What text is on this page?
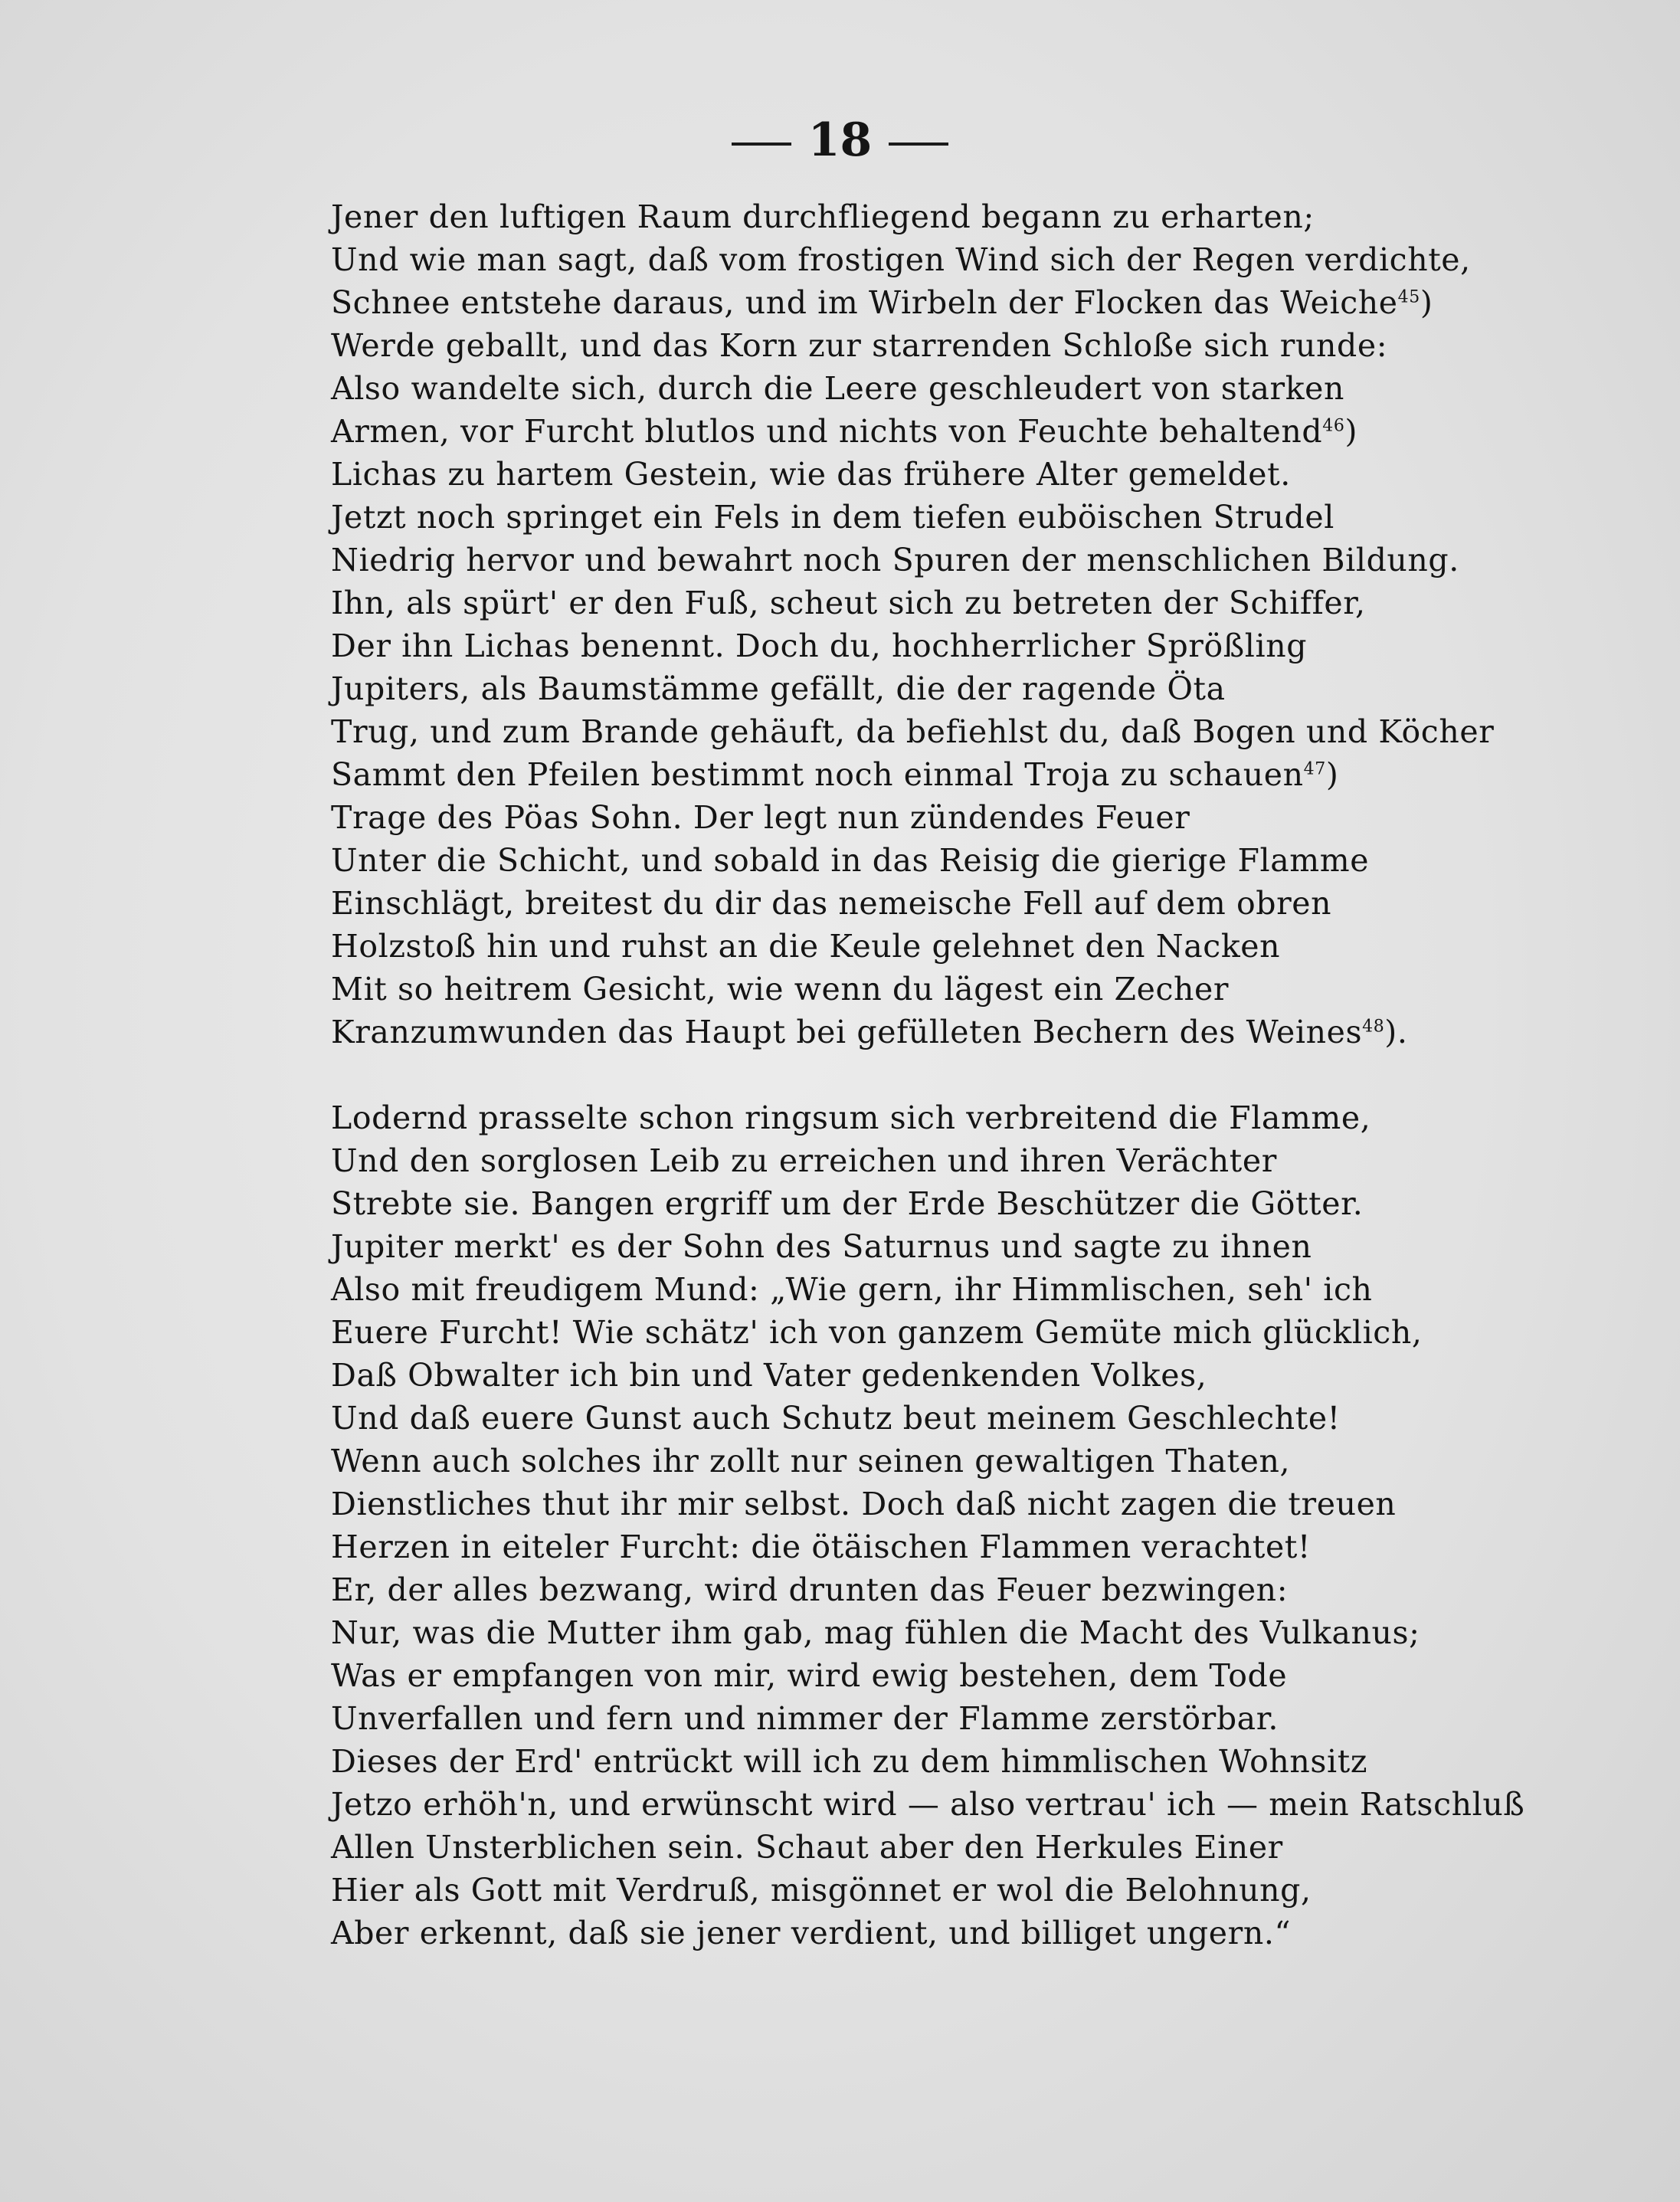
18
Jener den luftigen Raum durchfliegend begann zu erharten;
Und wie man sagt, daß vom frostigen Wind sich der Regen verdichte,
Schnee entstehe daraus, und im Wirbeln der Flocken das Weiche$^{45}$)
Werde geballt, und das Korn zur starrenden Schloße sich runde:
Also wandelte sich, durch die Leere geschleudert von starken
Armen, vor Furcht blutlos und nichts von Feuchte behaltend$^{46}$)
Lichas zu hartem Gestein, wie das frühere Alter gemeldet.
Jetzt noch springet ein Fels in dem tiefen euböischen Strudel
Niedrig hervor und bewahrt noch Spuren der menschlichen Bildung.
Ihn, als spürt' er den Fuß, scheut sich zu betreten der Schiffer,
Der ihn Lichas benennt. Doch du, hochherrlicher Sprößling
Jupiters, als Baumstämme gefällt, die der ragende Öta
Trug, und zum Brande gehäuft, da befiehlst du, daß Bogen und Köcher
Sammt den Pfeilen bestimmt noch einmal Troja zu schauen$^{47}$)
Trage des Pöas Sohn. Der legt nun zündendes Feuer
Unter die Schicht, und sobald in das Reisig die gierige Flamme
Einschlägt, breitest du dir das nemeische Fell auf dem obren
Holzstoß hin und ruhst an die Keule gelehnet den Nacken
Mit so heitrem Gesicht, wie wenn du lägest ein Zecher
Kranzumwunden das Haupt bei gefülleten Bechern des Weines$^{48}$).
Lodernd prasselte schon ringsum sich verbreitend die Flamme,
Und den sorglosen Leib zu erreichen und ihren Verächter
Strebte sie. Bangen ergriff um der Erde Beschützer die Götter.
Jupiter merkt' es der Sohn des Saturnus und sagte zu ihnen
Also mit freudigem Mund: „Wie gern, ihr Himmlischen, seh' ich
Euere Furcht! Wie schätz' ich von ganzem Gemüte mich glücklich,
Daß Obwalter ich bin und Vater gedenkenden Volkes,
Und daß euere Gunst auch Schutz beut meinem Geschlechte!
Wenn auch solches ihr zollt nur seinen gewaltigen Thaten,
Dienstliches thut ihr mir selbst. Doch daß nicht zagen die treuen
Herzen in eiteler Furcht: die ötäischen Flammen verachtet!
Er, der alles bezwang, wird drunten das Feuer bezwingen:
Nur, was die Mutter ihm gab, mag fühlen die Macht des Vulkanus;
Was er empfangen von mir, wird ewig bestehen, dem Tode
Unverfallen und fern und nimmer der Flamme zerstörbar.
Dieses der Erd' entrückt will ich zu dem himmlischen Wohnsitz
Jetzo erhöh'n, und erwünscht wird — also vertrau' ich — mein Ratschluß
Allen Unsterblichen sein. Schaut aber den Herkules Einer
Hier als Gott mit Verdruß, misgönnet er wol die Belohnung,
Aber erkennt, daß sie jener verdient, und billiget ungern.“
